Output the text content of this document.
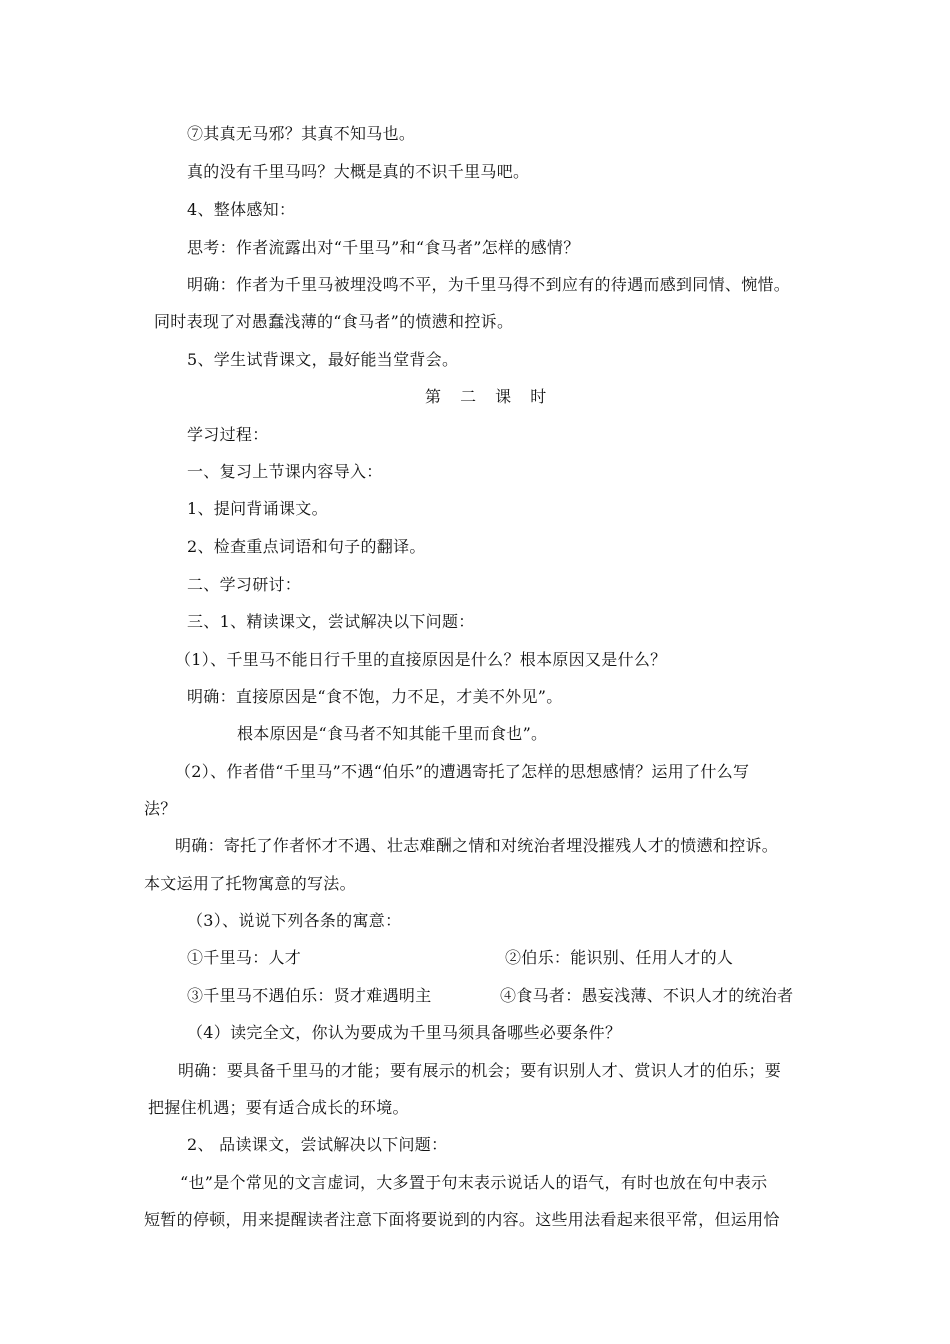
⑦其真无马邪？其真不知马也。
真的没有千里马吗？大概是真的不识千里马吧。
4、整体感知：
思考：作者流露出对“千里马”和“食马者”怎样的感情？
明确：作者为千里马被埋没鸣不平，为千里马得不到应有的待遇而感到同情、惋惜。
同时表现了对愚蠢浅薄的“食马者”的愤懑和控诉。
5、学生试背课文，最好能当堂背会。
第 二 课 时
学习过程：
一、复习上节课内容导入：
1、提问背诵课文。
2、检查重点词语和句子的翻译。
二、学习研讨：
三、1、精读课文，尝试解决以下问题：
（1）、千里马不能日行千里的直接原因是什么？根本原因又是什么？
明确：直接原因是“食不饱，力不足，才美不外见”。
根本原因是“食马者不知其能千里而食也”。
（2）、作者借“千里马”不遇“伯乐”的遭遇寄托了怎样的思想感情？运用了什么写
法？
明确：寄托了作者怀才不遇、壮志难酬之情和对统治者埋没摧残人才的愤懑和控诉。
本文运用了托物寓意的写法。
（3）、说说下列各条的寓意：
①千里马：人才	②伯乐：能识别、任用人才的人
③千里马不遇伯乐：贤才难遇明主	④食马者：愚妄浅薄、不识人才的统治者
（4）读完全文，你认为要成为千里马须具备哪些必要条件？
明确：要具备千里马的才能；要有展示的机会；要有识别人才、赏识人才的伯乐；要
把握住机遇；要有适合成长的环境。
2、 品读课文，尝试解决以下问题：
“也”是个常见的文言虚词，大多置于句末表示说话人的语气，有时也放在句中表示
短暂的停顿，用来提醒读者注意下面将要说到的内容。这些用法看起来很平常，但运用恰
